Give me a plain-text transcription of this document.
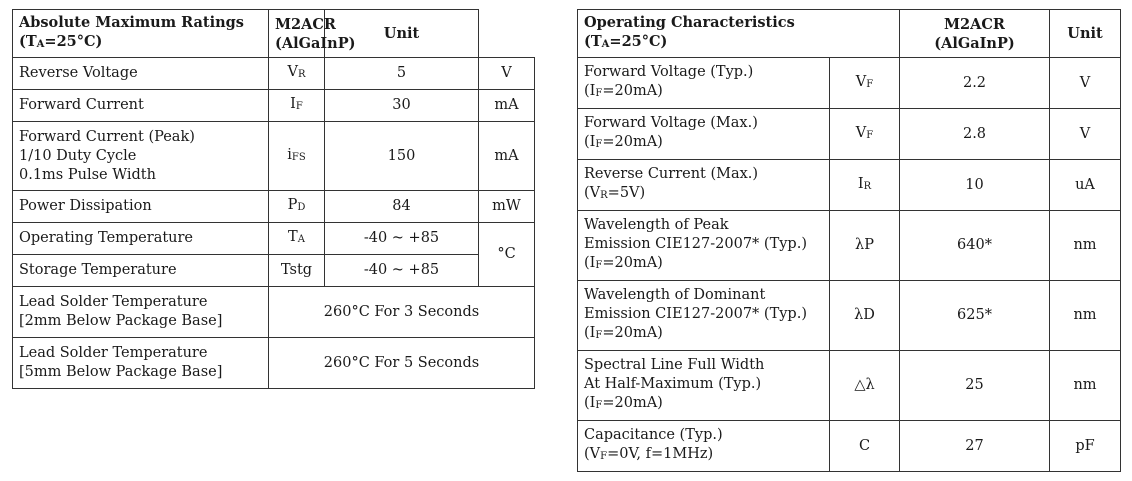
Absolute Maximum Ratings
$(T_A=25^\circ C)$	M2ACR
(AlGaInP)	Unit	
Reverse Voltage	$V_R$	5	V
Forward Current	$I_F$	30	mA

Forward Current (Peak)
1/10 Duty Cycle
0.1ms Pulse Width	$i_{FS}$	150	mA
Power Dissipation	$P_D$	84	mW
Operating Temperature	$T_A$	-40 ~ +85	°C
Storage Temperature	Tstg	-40 ~ +85	

Lead Solder Temperature
[2mm Below Package Base]	260°C For 3 Seconds		

Lead Solder Temperature
[5mm Below Package Base]	260°C For 5 Seconds		
Operating Characteristics
$(T_A=25^\circ C)$		M2ACR
(AlGaInP)	Unit

Forward Voltage (Typ.)
$(I_F=20mA)$	$V_F$	2.2	V

Forward Voltage (Max.)
$(I_F=20mA)$	$V_F$	2.8	V

Reverse Current (Max.)
$(V_R=5V)$	$I_R$	10	uA

Wavelength of Peak
Emission CIE127-2007* (Typ.)
$(I_F=20mA)$	λP	640*	nm

Wavelength of Dominant
Emission CIE127-2007* (Typ.)
$(I_F=20mA)$	λD	625*	nm

Spectral Line Full Width
At Half-Maximum (Typ.)
$(I_F=20mA)$	△λ	25	nm

Capacitance (Typ.)
($V_F=0V$, f=1MHz)	C	27	pF
